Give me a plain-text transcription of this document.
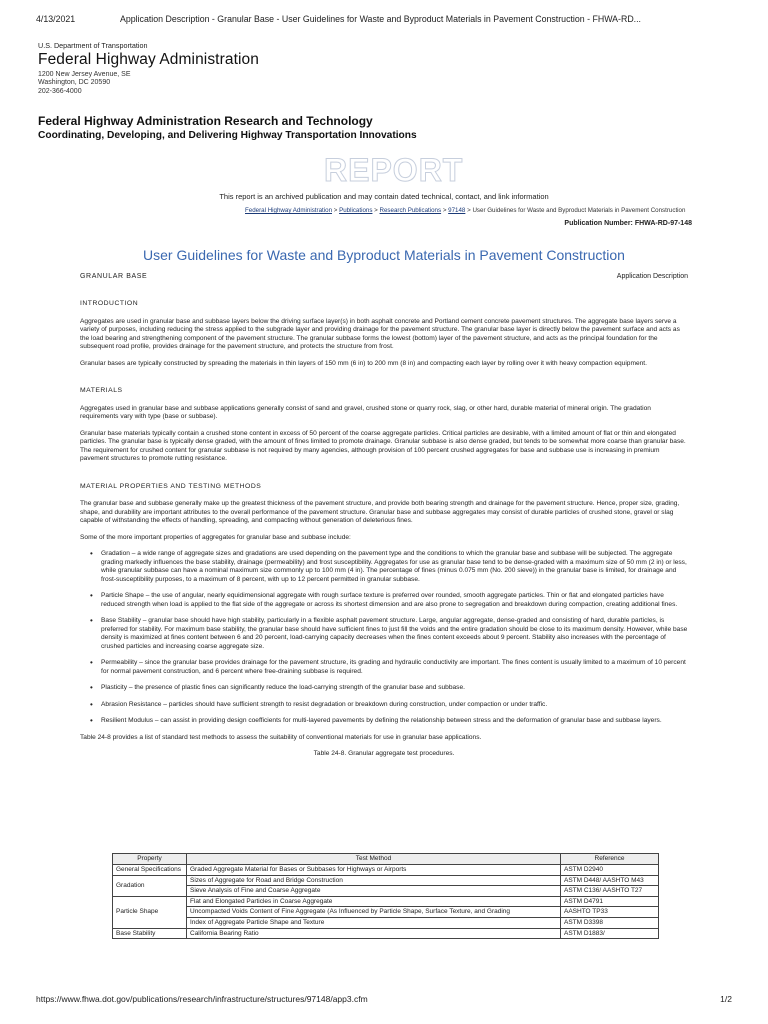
4/13/2021	Application Description - Granular Base - User Guidelines for Waste and Byproduct Materials in Pavement Construction - FHWA-RD...
U.S. Department of Transportation
Federal Highway Administration
1200 New Jersey Avenue, SE
Washington, DC 20590
202-366-4000
Federal Highway Administration Research and Technology
Coordinating, Developing, and Delivering Highway Transportation Innovations
REPORT
This report is an archived publication and may contain dated technical, contact, and link information
Federal Highway Administration > Publications > Research Publications > 97148 > User Guidelines for Waste and Byproduct Materials in Pavement Construction
Publication Number: FHWA-RD-97-148
User Guidelines for Waste and Byproduct Materials in Pavement Construction
GRANULAR BASE	Application Description
INTRODUCTION

Aggregates are used in granular base and subbase layers below the driving surface layer(s) in both asphalt concrete and Portland cement concrete pavement structures. The aggregate base layers serve a variety of purposes, including reducing the stress applied to the subgrade layer and providing drainage for the pavement structure. The granular base layer is directly below the pavement surface and acts as the load bearing and strengthening component of the pavement structure. The granular subbase forms the lowest (bottom) layer of the pavement structure, and acts as the principal foundation for the subsequent road profile, provides drainage for the pavement structure, and protects the structure from frost.

Granular bases are typically constructed by spreading the materials in thin layers of 150 mm (6 in) to 200 mm (8 in) and compacting each layer by rolling over it with heavy compaction equipment.

MATERIALS

Aggregates used in granular base and subbase applications generally consist of sand and gravel, crushed stone or quarry rock, slag, or other hard, durable material of mineral origin. The gradation requirements vary with type (base or subbase).

Granular base materials typically contain a crushed stone content in excess of 50 percent of the coarse aggregate particles. Critical particles are desirable, with a limited amount of flat or thin and elongated particles. The granular base is typically dense graded, with the amount of fines limited to promote drainage. Granular subbase is also dense graded, but tends to be somewhat more coarse than granular base. The requirement for crushed content for granular subbase is not required by many agencies, although provision of 100 percent crushed aggregates for base and subbase use is increasing in premium pavement structures to promote rutting resistance.

MATERIAL PROPERTIES AND TESTING METHODS

The granular base and subbase generally make up the greatest thickness of the pavement structure, and provide both bearing strength and drainage for the pavement structure. Hence, proper size, grading, shape, and durability are important attributes to the overall performance of the pavement structure. Granular base and subbase aggregates may consist of durable particles of crushed stone, gravel or slag capable of withstanding the effects of handling, spreading, and compacting without generation of deleterious fines.

Some of the more important properties of aggregates for granular base and subbase include:

• Gradation – a wide range of aggregate sizes and gradations are used depending on the pavement type and the conditions to which the granular base and subbase will be subjected. The aggregate grading markedly influences the base stability, drainage (permeability) and frost susceptibility. Aggregates for use as granular base tend to be dense-graded with a maximum size of 50 mm (2 in) or less, while granular subbase can have a nominal maximum size commonly up to 100 mm (4 in). The percentage of fines (minus 0.075 mm (No. 200 sieve)) in the granular base is limited, for drainage and frost-susceptibility purposes, to a maximum of 8 percent, with up to 12 percent permitted in granular subbase.
• Particle Shape – the use of angular, nearly equidimensional aggregate with rough surface texture is preferred over rounded, smooth aggregate particles. Thin or flat and elongated particles have reduced strength when load is applied to the flat side of the aggregate or across its shortest dimension and are also prone to segregation and breakdown during compaction, creating additional fines.
• Base Stability – granular base should have high stability, particularly in a flexible asphalt pavement structure. Large, angular aggregate, dense-graded and consisting of hard, durable particles, is preferred for stability. For maximum base stability, the granular base should have sufficient fines to just fill the voids and the entire gradation should be close to its maximum density. However, while base density is maximized at fines content between 6 and 20 percent, load-carrying capacity decreases when the fines content exceeds about 9 percent. Stability also increases with the percentage of crushed particles and increasing coarse aggregate size.
• Permeability – since the granular base provides drainage for the pavement structure, its grading and hydraulic conductivity are important. The fines content is usually limited to a maximum of 10 percent for normal pavement construction, and 6 percent where free-draining subbase is required.
• Plasticity – the presence of plastic fines can significantly reduce the load-carrying strength of the granular base and subbase.
• Abrasion Resistance – particles should have sufficient strength to resist degradation or breakdown during construction, under compaction or under traffic.
• Resilient Modulus – can assist in providing design coefficients for multi-layered pavements by defining the relationship between stress and the deformation of granular base and subbase layers.

Table 24-8 provides a list of standard test methods to assess the suitability of conventional materials for use in granular base applications.

Table 24-8. Granular aggregate test procedures.
Property	Test Method	Reference
General Specifications	Graded Aggregate Material for Bases or Subbases for Highways or Airports	ASTM D2940
Gradation	Sizes of Aggregate for Road and Bridge Construction	ASTM D448/ AASHTO M43
	Sieve Analysis of Fine and Coarse Aggregate	ASTM C136/ AASHTO T27
Particle Shape	Flat and Elongated Particles in Coarse Aggregate	ASTM D4791
	Uncompacted Voids Content of Fine Aggregate (As Influenced by Particle Shape, Surface Texture, and Grading	AASHTO TP33
	Index of Aggregate Particle Shape and Texture	ASTM D3398
Base Stability	California Bearing Ratio	ASTM D1883/
https://www.fhwa.dot.gov/publications/research/infrastructure/structures/97148/app3.cfm	1/2
